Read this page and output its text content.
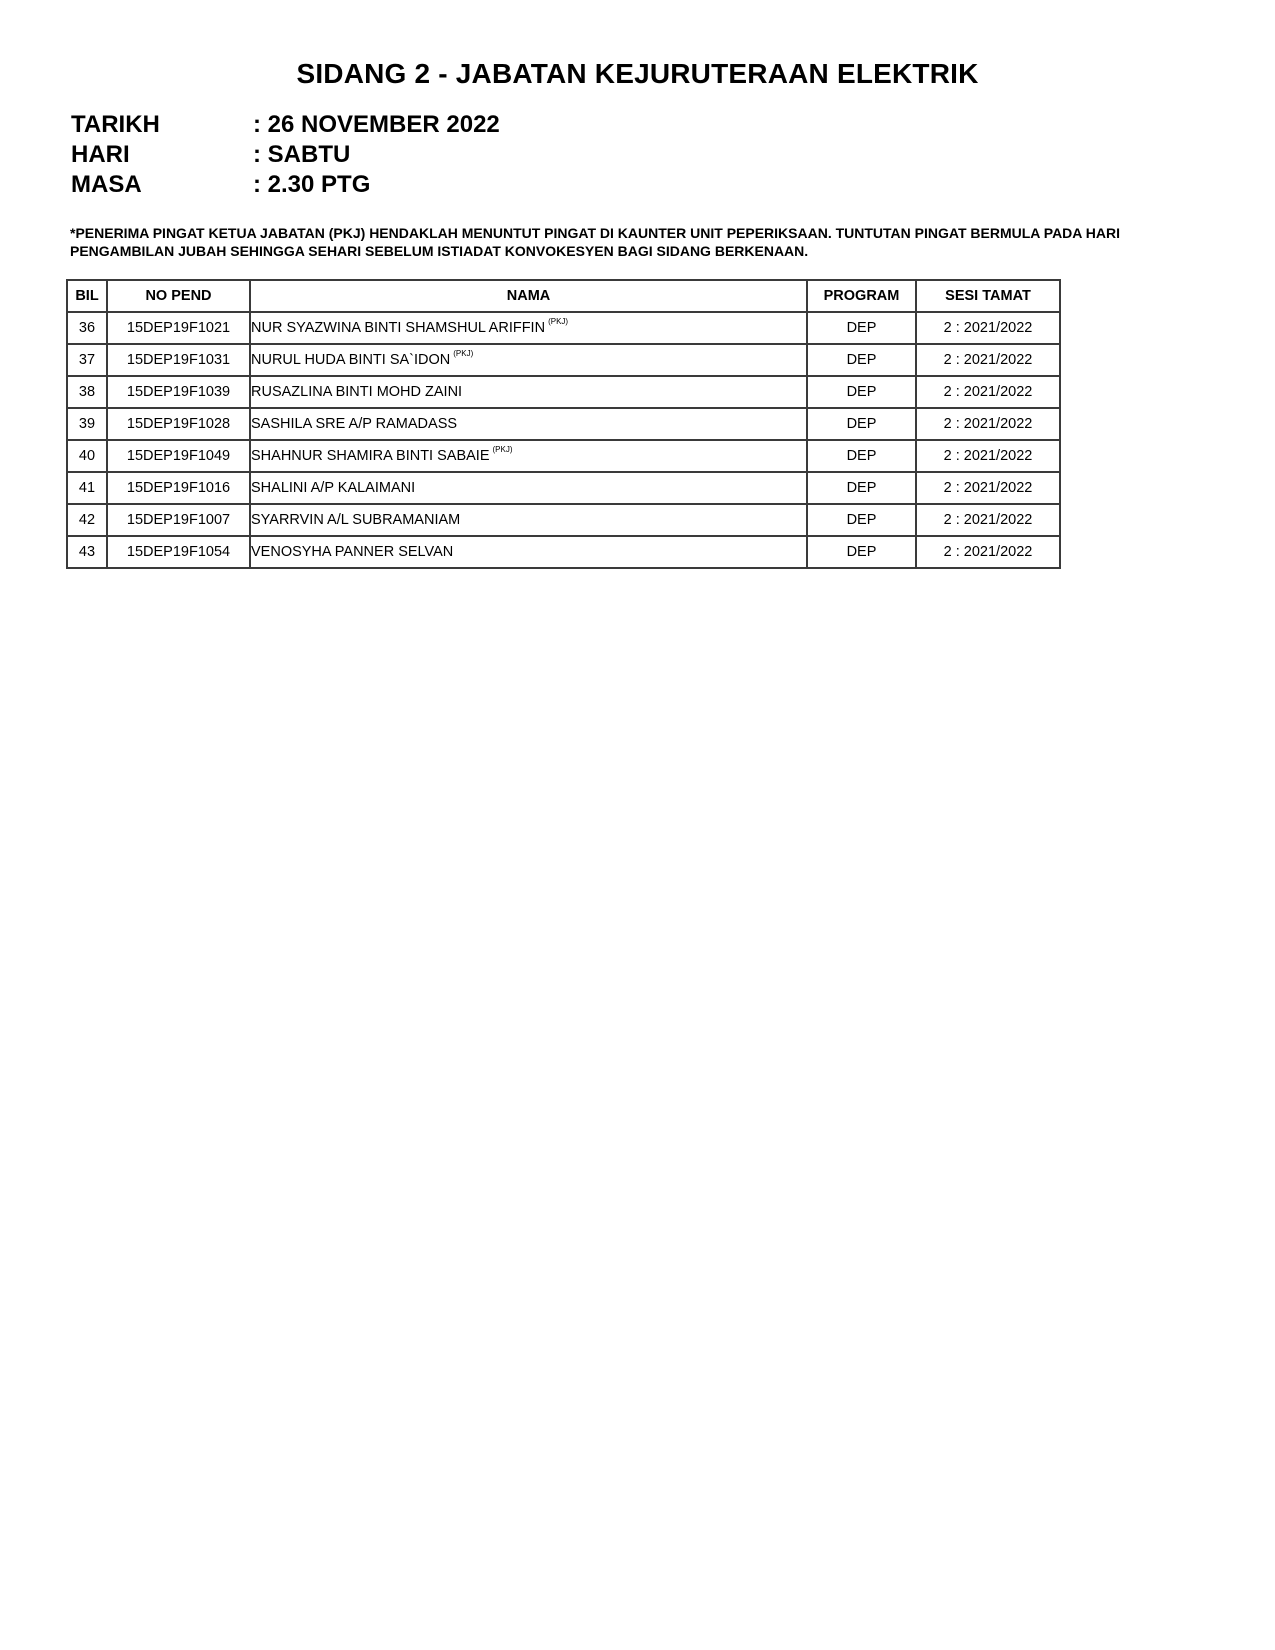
SIDANG 2 - JABATAN KEJURUTERAAN ELEKTRIK
TARIKH	: 26 NOVEMBER 2022
HARI	: SABTU
MASA	: 2.30 PTG
*PENERIMA PINGAT KETUA JABATAN (PKJ) HENDAKLAH MENUNTUT PINGAT DI KAUNTER UNIT PEPERIKSAAN. TUNTUTAN PINGAT BERMULA PADA HARI PENGAMBILAN JUBAH SEHINGGA SEHARI SEBELUM ISTIADAT KONVOKESYEN BAGI SIDANG BERKENAAN.
BIL	NO PEND	NAMA	PROGRAM	SESI TAMAT
36	15DEP19F1021	NUR SYAZWINA BINTI SHAMSHUL ARIFFIN $^{(PKJ)}$	DEP	2 : 2021/2022
37	15DEP19F1031	NURUL HUDA BINTI SA`IDON $^{(PKJ)}$	DEP	2 : 2021/2022
38	15DEP19F1039	RUSAZLINA BINTI MOHD ZAINI	DEP	2 : 2021/2022
39	15DEP19F1028	SASHILA SRE A/P RAMADASS	DEP	2 : 2021/2022
40	15DEP19F1049	SHAHNUR SHAMIRA BINTI SABAIE $^{(PKJ)}$	DEP	2 : 2021/2022
41	15DEP19F1016	SHALINI A/P KALAIMANI	DEP	2 : 2021/2022
42	15DEP19F1007	SYARRVIN A/L SUBRAMANIAM	DEP	2 : 2021/2022
43	15DEP19F1054	VENOSYHA PANNER SELVAN	DEP	2 : 2021/2022
